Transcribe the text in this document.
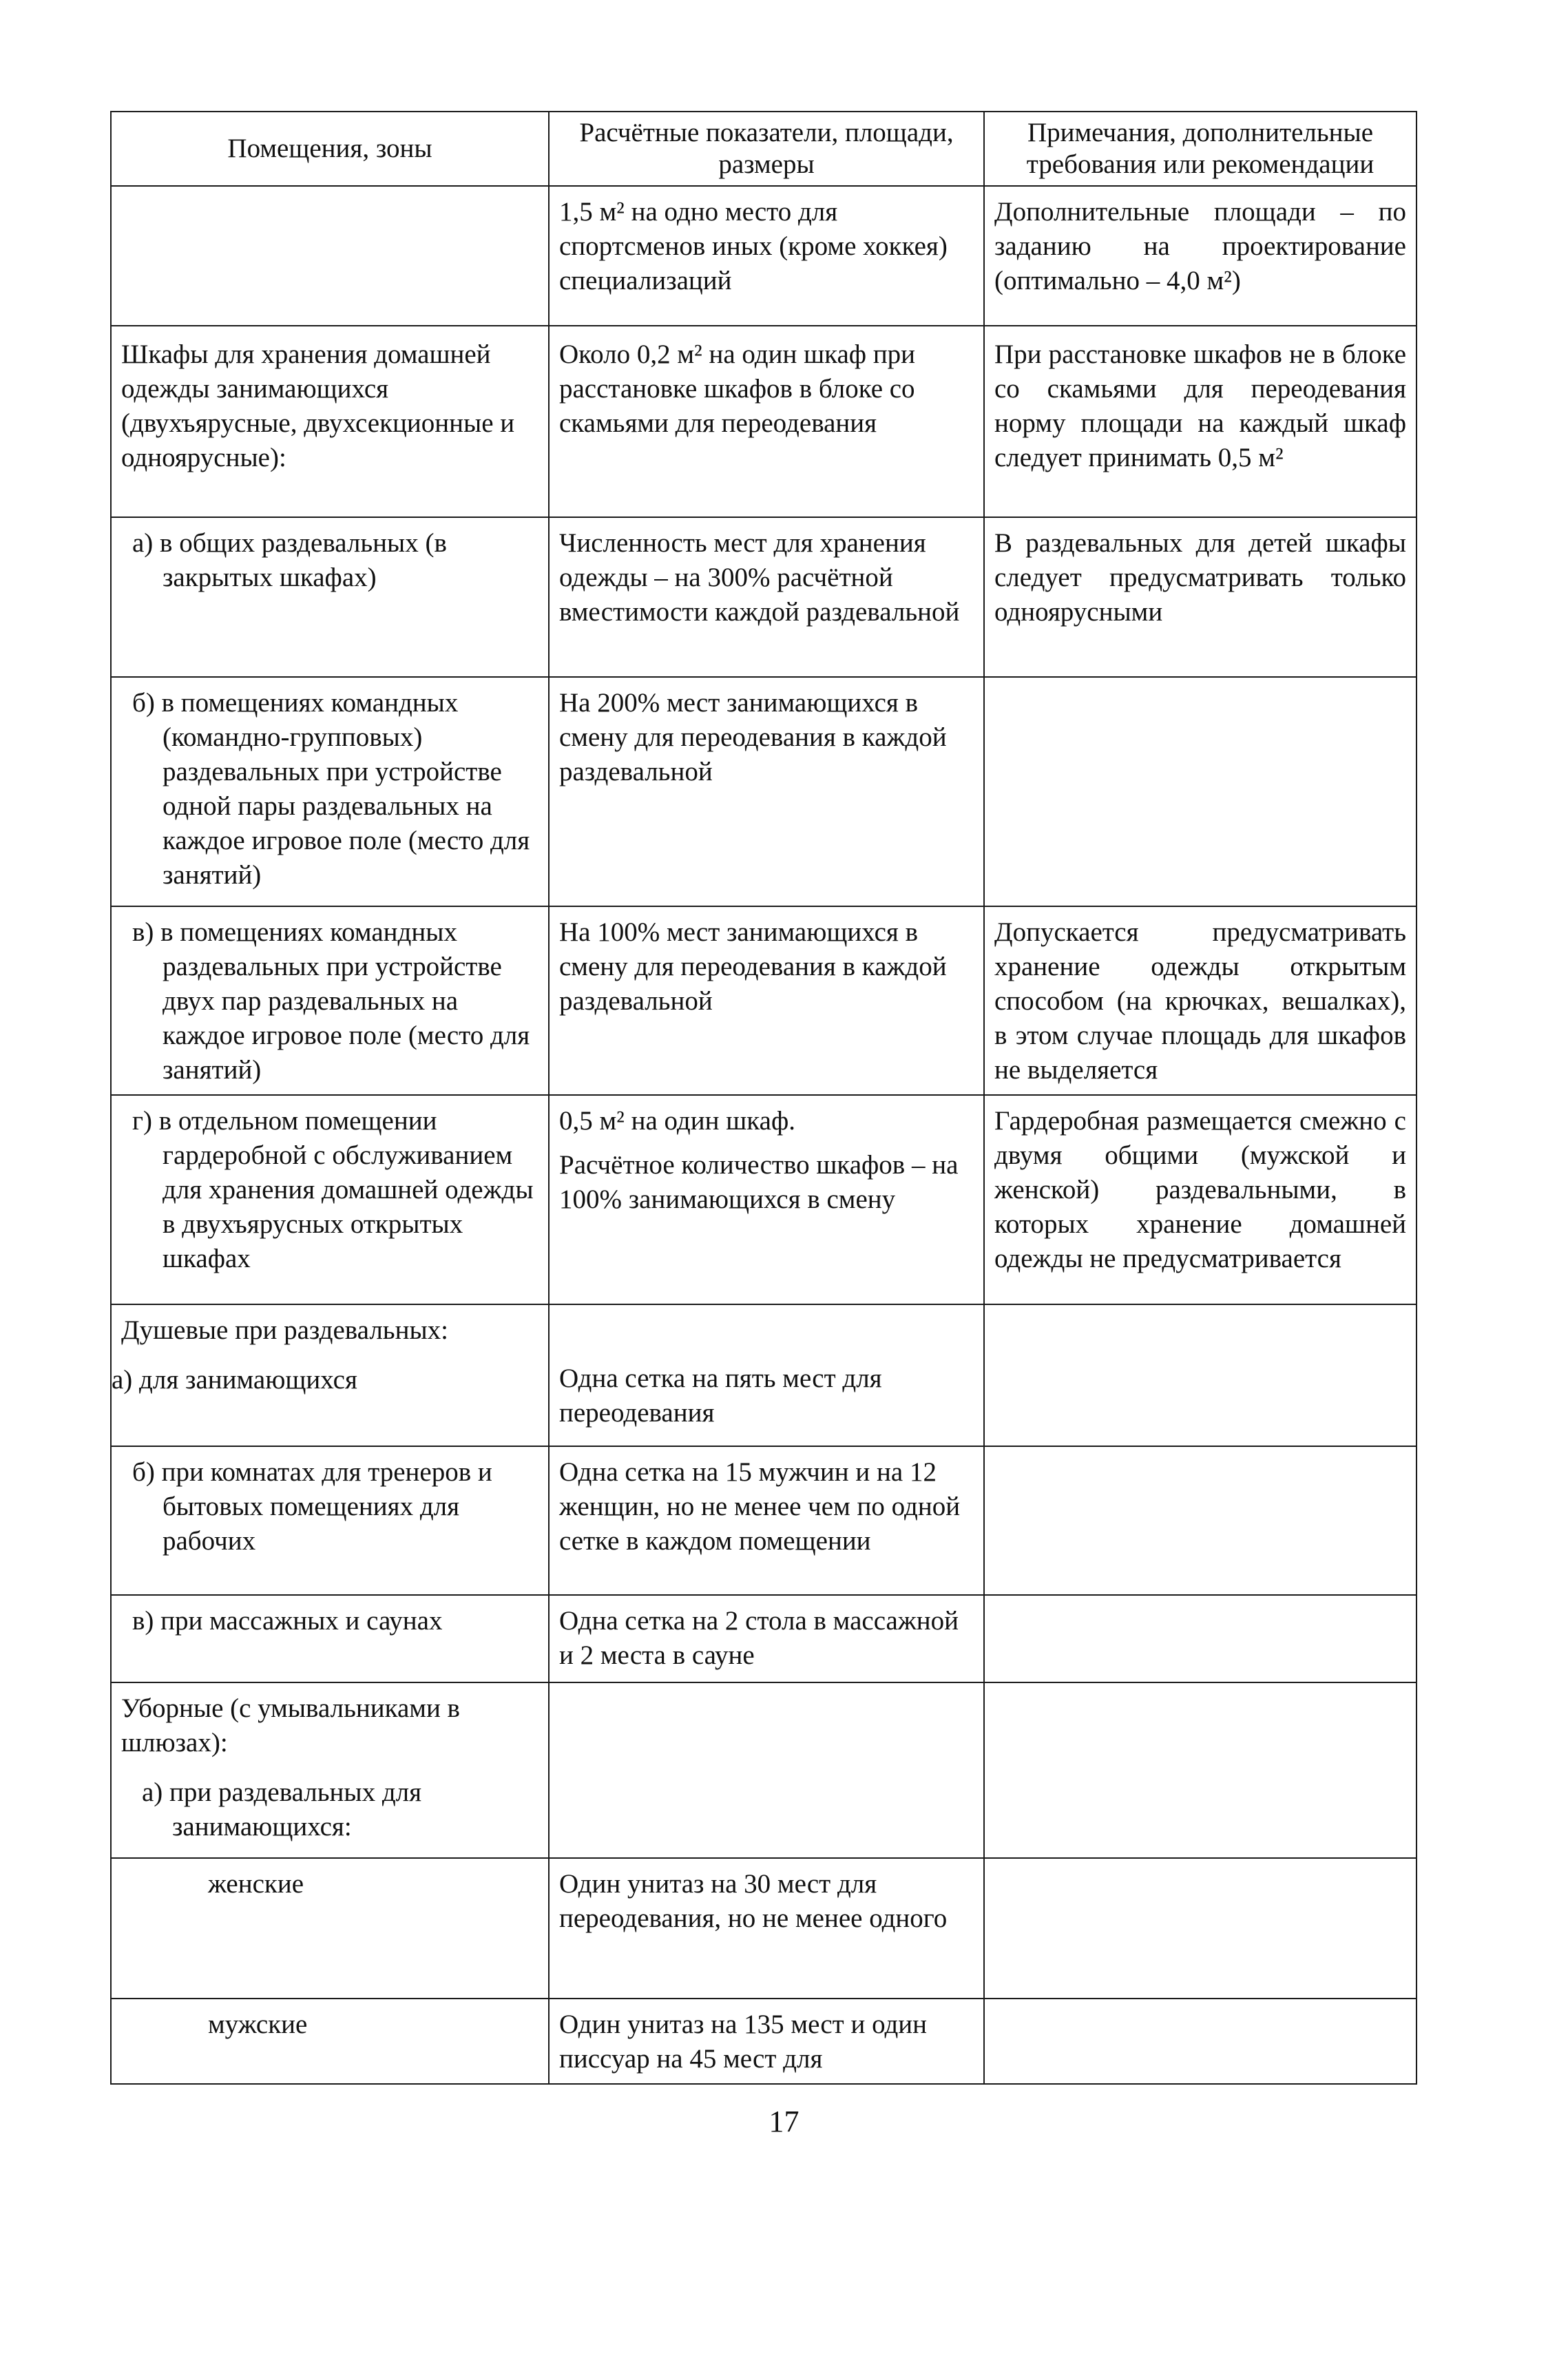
Помещения, зоны	Расчётные показатели, площади, размеры	Примечания, дополнительные требования или рекомендации

	1,5 м² на одно место для спортсменов иных (кроме хоккея) специализаций	Дополнительные площади – по заданию на проектирование (оптимально – 4,0 м²)

Шкафы для хранения домашней одежды занимающихся (двухъярусные, двухсекционные и одноярусные):	Около 0,2 м² на один шкаф при расстановке шкафов в блоке со скамьями для переодевания	При расстановке шкафов не в блоке со скамьями для переодевания норму площади на каждый шкаф следует принимать 0,5 м²

а) в общих раздевальных (в закрытых шкафах)	Численность мест для хранения одежды – на 300% расчётной вместимости каждой раздевальной	В раздевальных для детей шкафы следует предусматривать только одноярусными

б) в помещениях командных (командно-групповых) раздевальных при устройстве одной пары раздевальных на каждое игровое поле (место для занятий)	На 200% мест занимающихся в смену для переодевания в каждой раздевальной	

в) в помещениях командных раздевальных при устройстве двух пар раздевальных на каждое игровое поле (место для занятий)	На 100% мест занимающихся в смену для переодевания в каждой раздевальной	Допускается предусматривать хранение одежды открытым способом (на крючках, вешалках), в этом случае площадь для шкафов не выделяется

г) в отдельном помещении гардеробной с обслуживанием для хранения домашней одежды в двухъярусных открытых шкафах	0,5 м² на один шкаф.
Расчётное количество шкафов – на 100% занимающихся в смену	Гардеробная размещается смежно с двумя общими (мужской и женской) раздевальными, в которых хранение домашней одежды не предусматривается

Душевые при раздевальных:
а) для занимающихся	Одна сетка на пять мест для переодевания	

б) при комнатах для тренеров и бытовых помещениях для рабочих	Одна сетка на 15 мужчин и на 12 женщин, но не менее чем по одной сетке в каждом помещении	

в) при массажных и саунах	Одна сетка на 2 стола в массажной и 2 места в сауне	

Уборные (с умывальниками в шлюзах):
а) при раздевальных для занимающихся:		

женские	Один унитаз на 30 мест для переодевания, но не менее одного	

мужские	Один унитаз на 135 мест и один писсуар на 45 мест для	

17
